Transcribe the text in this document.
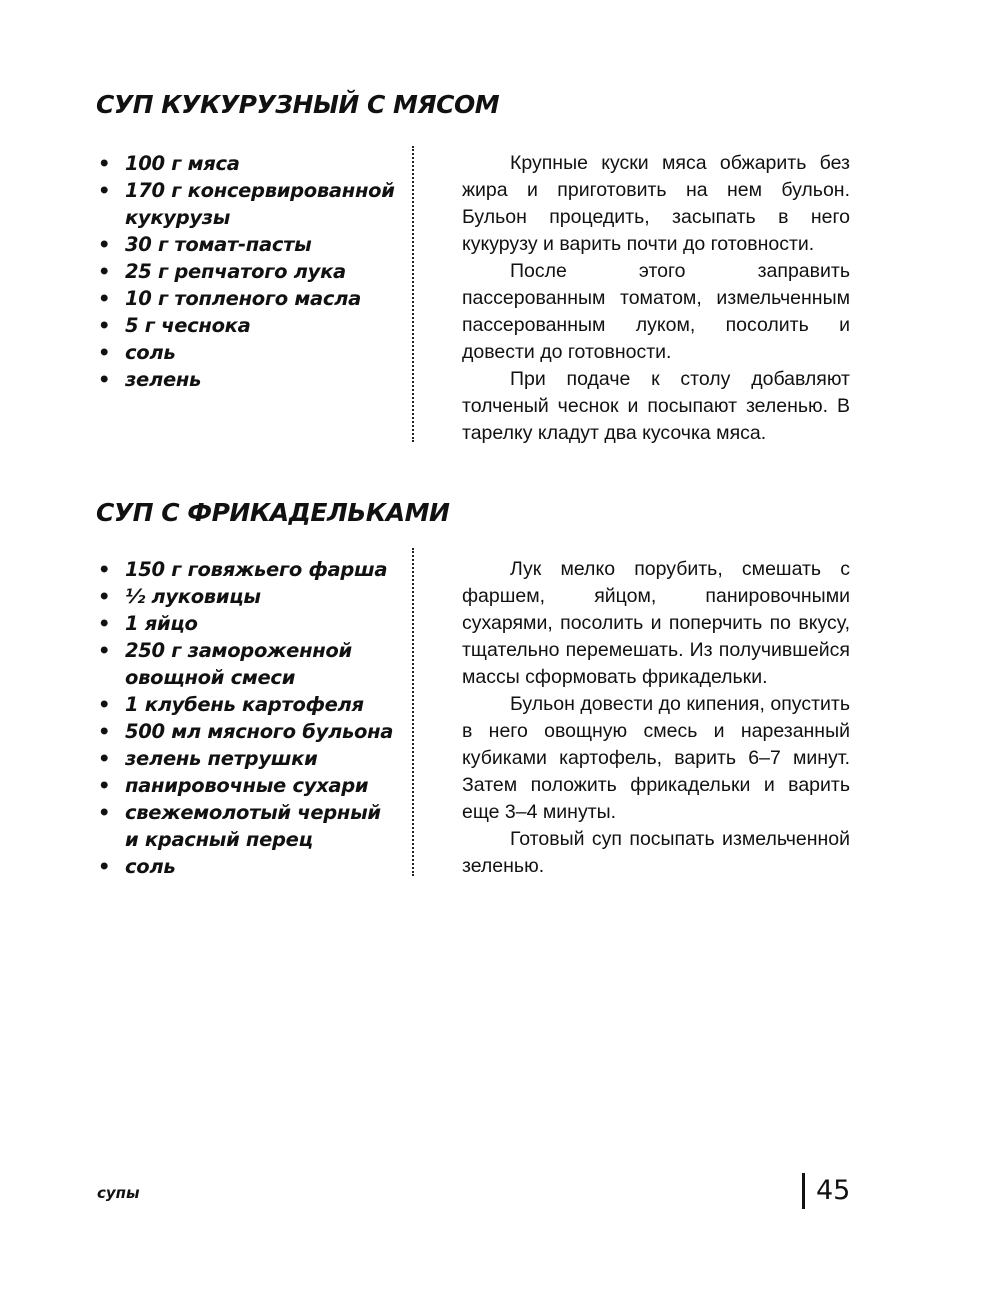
СУП КУКУРУЗНЫЙ С МЯСОМ
• 100 г мяса
• 170 г консервированной кукурузы
• 30 г томат-пасты
• 25 г репчатого лука
• 10 г топленого масла
• 5 г чеснока
• соль
• зелень

Крупные куски мяса обжарить без жира и приготовить на нем бульон. Бульон процедить, засыпать в него кукурузу и варить почти до готовности.

После этого заправить пассерованным томатом, измельченным пассерованным луком, посолить и довести до готовности.

При подаче к столу добавляют толченый чеснок и посыпают зеленью. В тарелку кладут два кусочка мяса.

СУП С ФРИКАДЕЛЬКАМИ
• 150 г говяжьего фарша
• ½ луковицы
• 1 яйцо
• 250 г замороженной овощной смеси
• 1 клубень картофеля
• 500 мл мясного бульона
• зелень петрушки
• панировочные сухари
• свежемолотый черный и красный перец
• соль

Лук мелко порубить, смешать с фаршем, яйцом, панировочными сухарями, посолить и поперчить по вкусу, тщательно перемешать. Из получившейся массы сформовать фрикадельки.

Бульон довести до кипения, опустить в него овощную смесь и нарезанный кубиками картофель, варить 6–7 минут. Затем положить фрикадельки и варить еще 3–4 минуты.

Готовый суп посыпать измельченной зеленью.

супы	45
